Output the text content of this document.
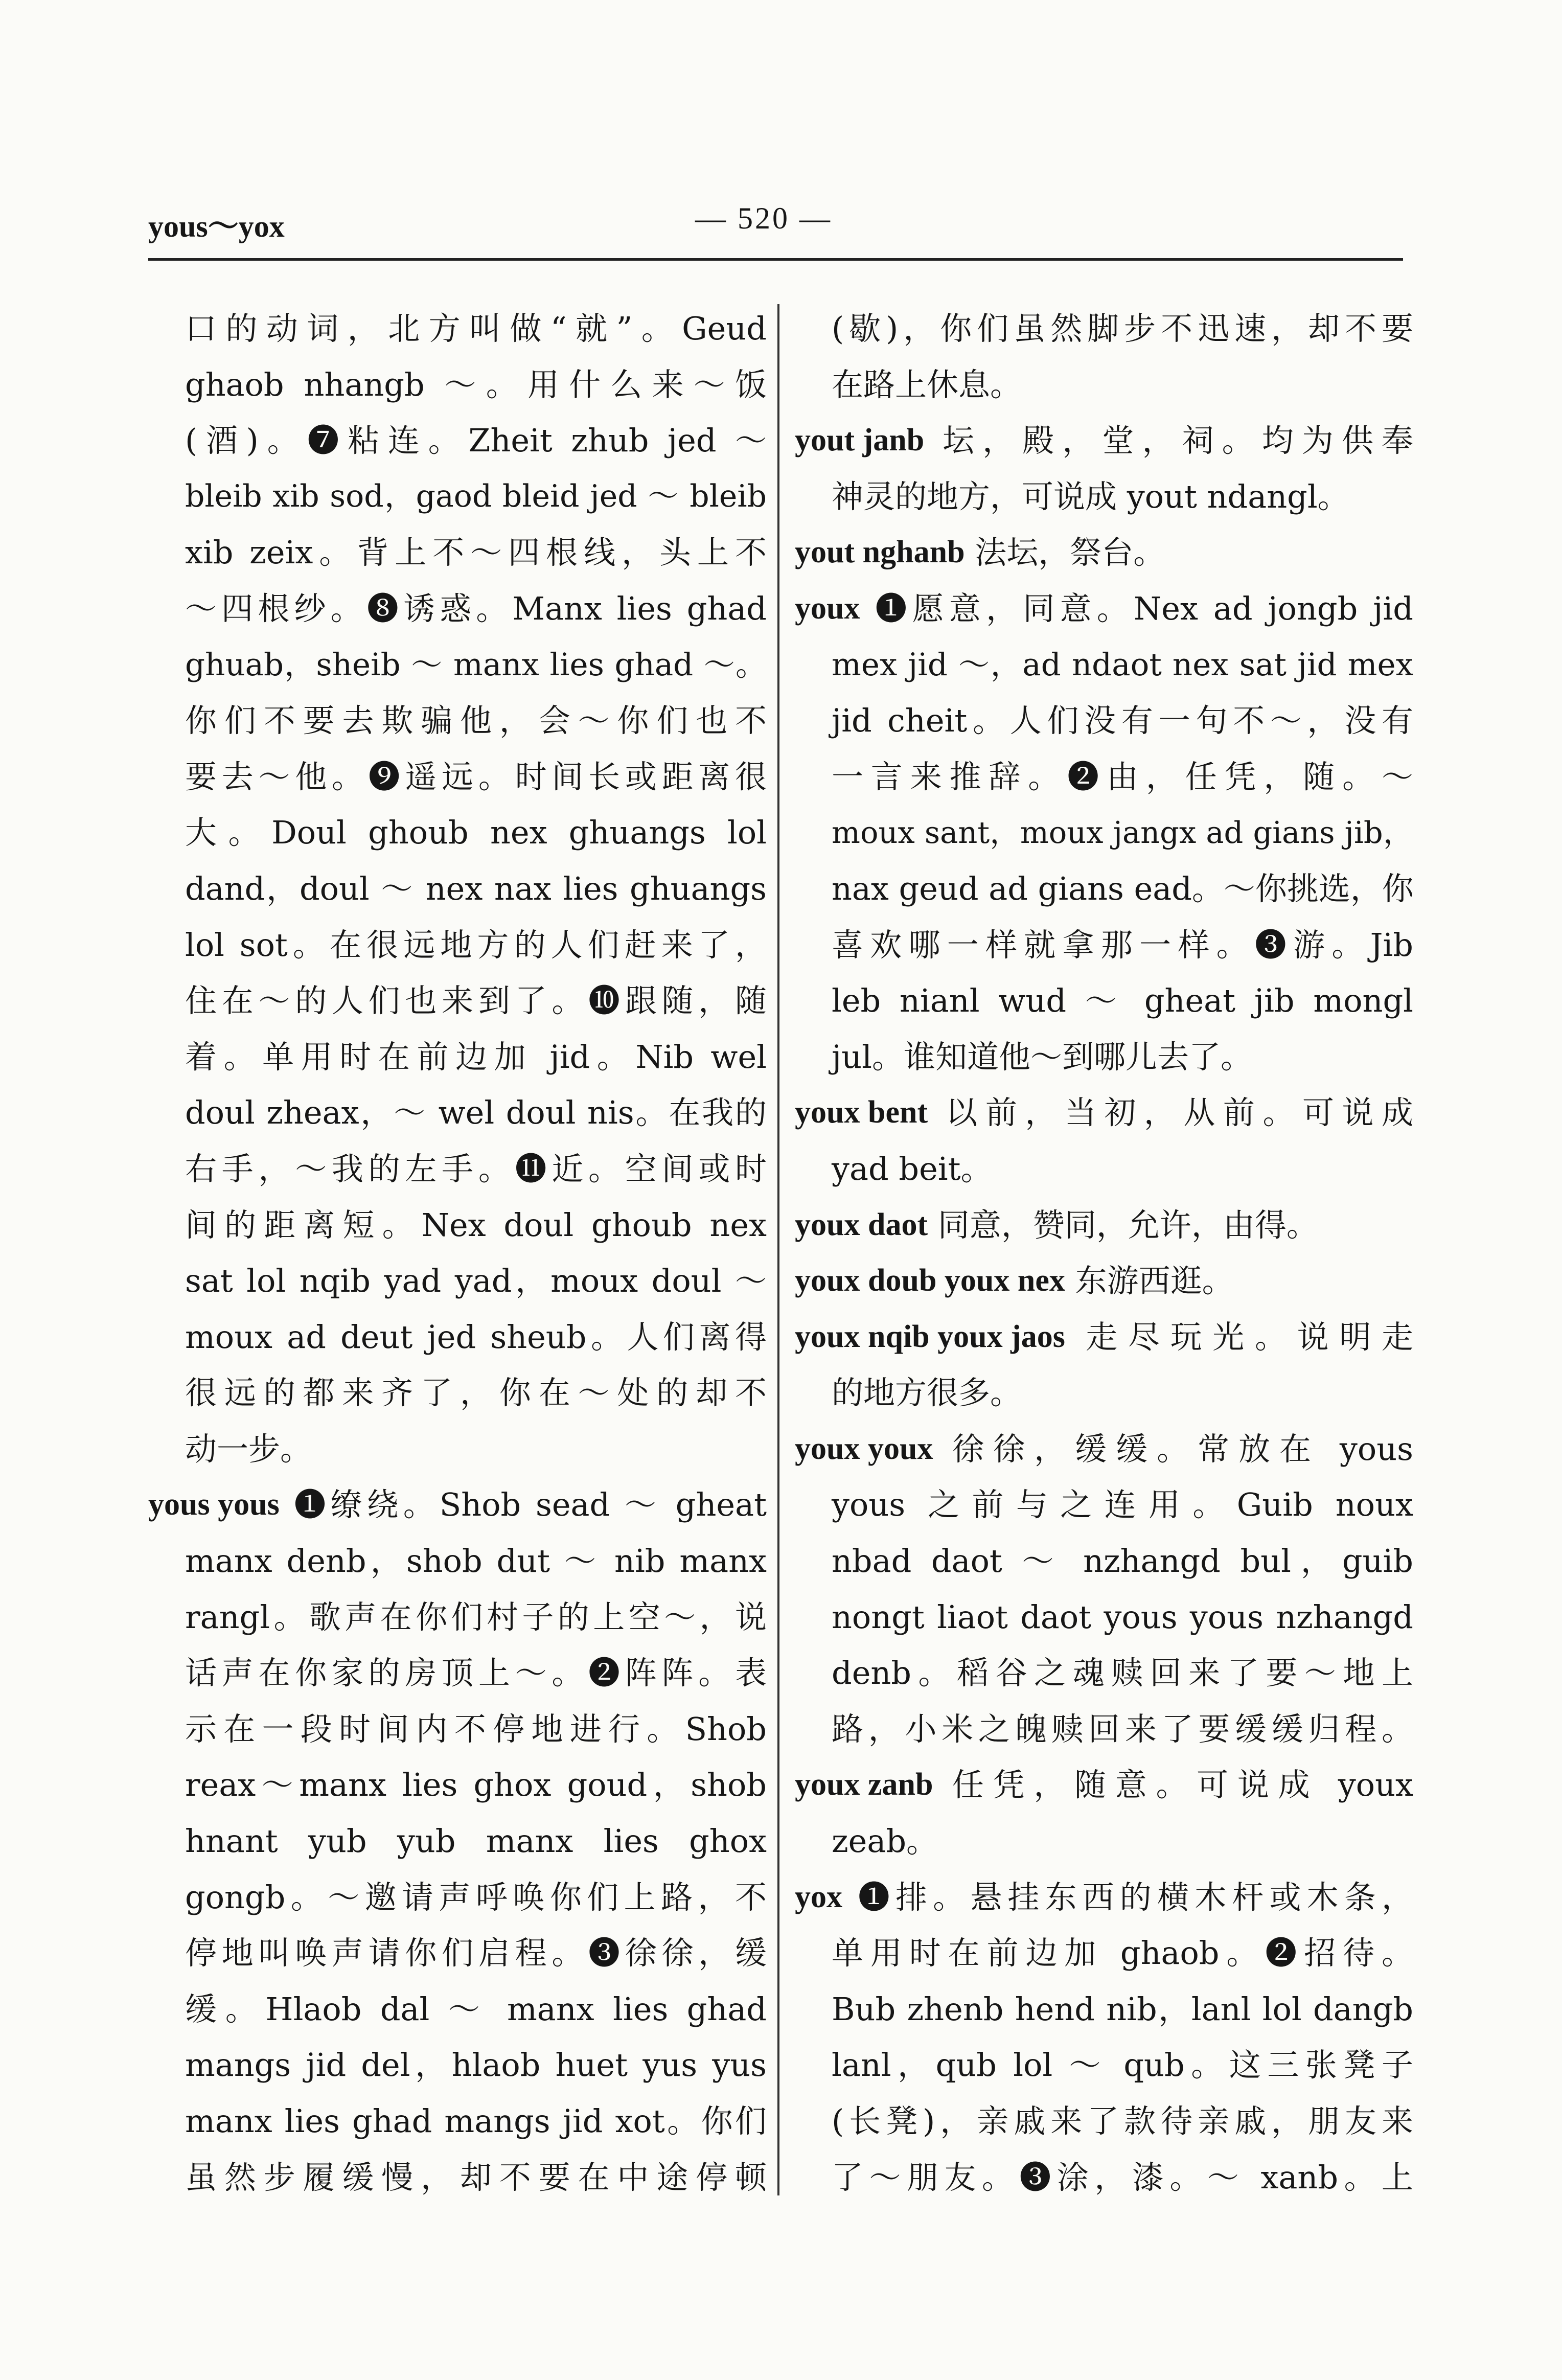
yous～yox	— 520 —
口的动词，北方叫做“就”。Geud
ghaob nhangb ～。用什么来～饭
(酒)。❼粘连。Zheit zhub jed ～
bleib xib sod，gaod bleid jed ～ bleib
xib zeix。背上不～四根线，头上不
～四根纱。❽诱惑。Manx lies ghad
ghuab，sheib ～ manx lies ghad ～。
你们不要去欺骗他，会～你们也不
要去～他。❾遥远。时间长或距离很
大。Doul ghoub nex ghuangs lol
dand，doul ～ nex nax lies ghuangs
lol sot。在很远地方的人们赶来了，
住在～的人们也来到了。❿跟随，随
着。单用时在前边加 jid。Nib wel
doul zheax，～ wel doul nis。在我的
右手，～我的左手。⓫近。空间或时
间的距离短。Nex doul ghoub nex
sat lol nqib yad yad，moux doul ～
moux ad deut jed sheub。人们离得
很远的都来齐了，你在～处的却不
动一步。
yous yous ❶缭绕。Shob sead ～ gheat
manx denb，shob dut ～ nib manx
rangl。歌声在你们村子的上空～，说
话声在你家的房顶上～。❷阵阵。表
示在一段时间内不停地进行。Shob
reax～manx lies ghox goud，shob
hnant yub yub manx lies ghox
gongb。～邀请声呼唤你们上路，不
停地叫唤声请你们启程。❸徐徐，缓
缓。Hlaob dal ～ manx lies ghad
mangs jid del，hlaob huet yus yus
manx lies ghad mangs jid xot。你们
虽然步履缓慢，却不要在中途停顿
(歇)，你们虽然脚步不迅速，却不要
在路上休息。
yout janb 坛，殿，堂，祠。均为供奉
神灵的地方，可说成 yout ndangl。
yout nghanb 法坛，祭台。
youx ❶愿意，同意。Nex ad jongb jid
mex jid ～，ad ndaot nex sat jid mex
jid cheit。人们没有一句不～，没有
一言来推辞。❷由，任凭，随。～
moux sant，moux jangx ad gians jib，
nax geud ad gians ead。～你挑选，你
喜欢哪一样就拿那一样。❸游。Jib
leb nianl wud ～ gheat jib mongl
jul。谁知道他～到哪儿去了。
youx bent 以前，当初，从前。可说成
yad beit。
youx daot 同意，赞同，允许，由得。
youx doub youx nex 东游西逛。
youx nqib youx jaos 走尽玩光。说明走
的地方很多。
youx youx 徐徐，缓缓。常放在 yous
yous 之前与之连用。Guib noux
nbad daot ～ nzhangd bul，guib
nongt liaot daot yous yous nzhangd
denb。稻谷之魂赎回来了要～地上
路，小米之魄赎回来了要缓缓归程。
youx zanb 任凭，随意。可说成 youx
zeab。
yox ❶排。悬挂东西的横木杆或木条，
单用时在前边加 ghaob。❷招待。
Bub zhenb hend nib，lanl lol dangb
lanl，qub lol ～ qub。这三张凳子
(长凳)，亲戚来了款待亲戚，朋友来
了～朋友。❸涂，漆。～ xanb。上
